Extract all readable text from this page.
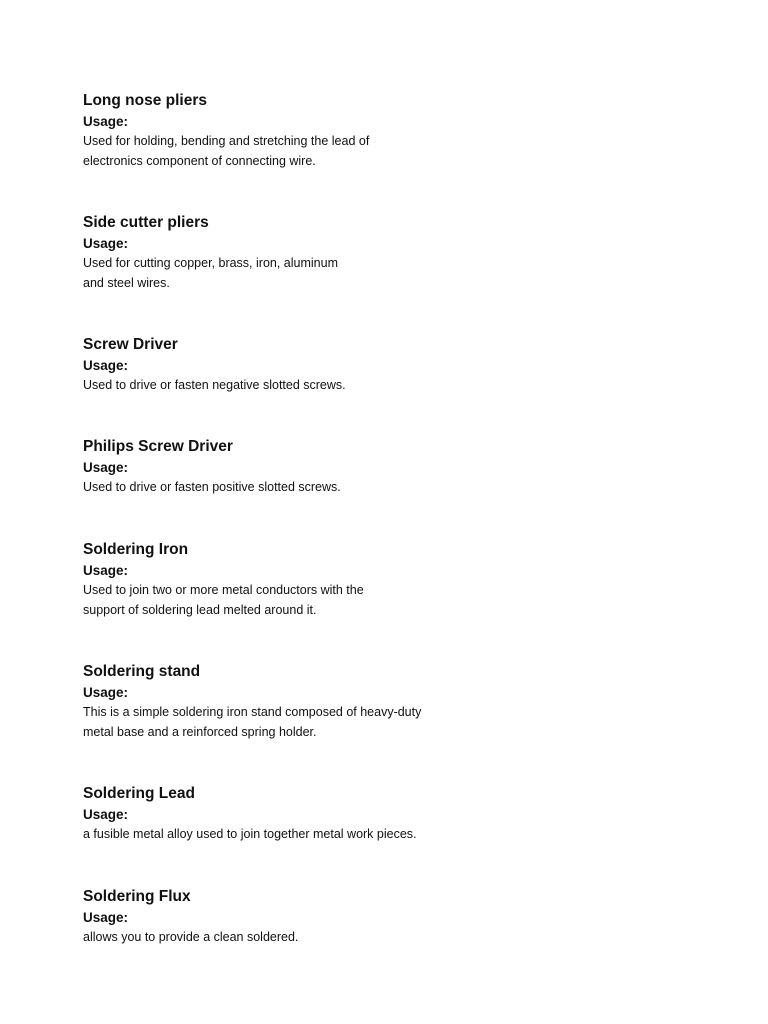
Long nose pliers
Usage:
Used for holding, bending and stretching the lead of
electronics component of connecting wire.
Side cutter pliers
Usage:
Used for cutting copper, brass, iron, aluminum
and steel wires.
Screw Driver
Usage:
Used to drive or fasten negative slotted screws.
Philips Screw Driver
Usage:
Used to drive or fasten positive slotted screws.
Soldering Iron
Usage:
Used to join two or more metal conductors with the
support of soldering lead melted around it.
Soldering stand
Usage:
This is a simple soldering iron stand composed of heavy-duty
metal base and a reinforced spring holder.
Soldering Lead
Usage:
a fusible metal alloy used to join together metal work pieces.
Soldering Flux
Usage:
allows you to provide a clean soldered.
